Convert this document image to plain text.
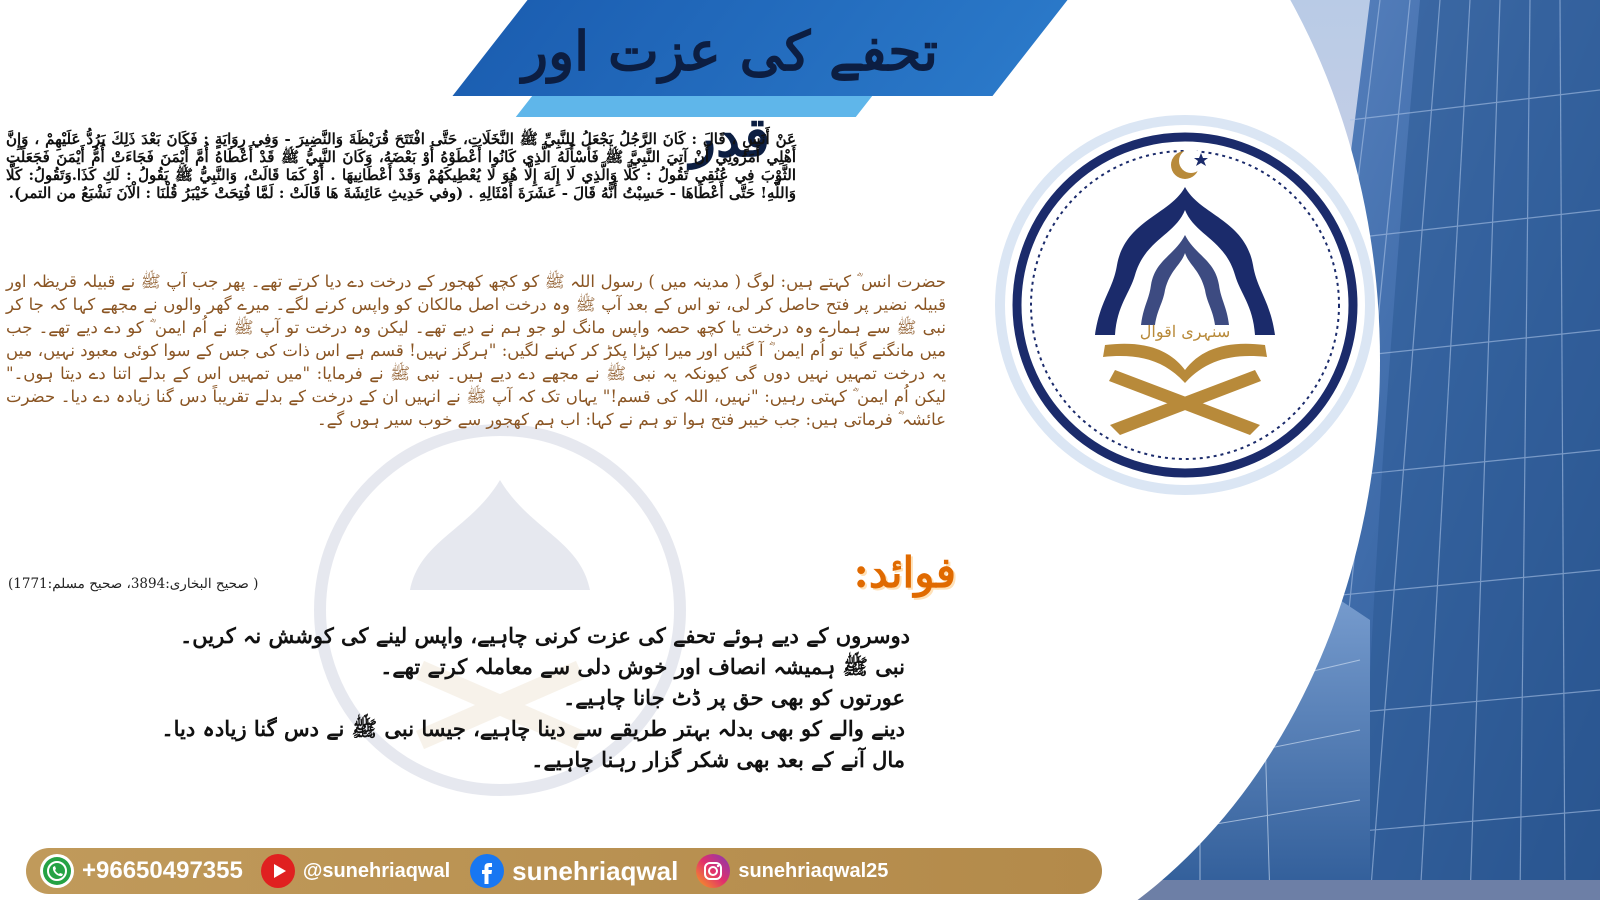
سنہری اقوال
تحفے کی عزت اور قدر

عَنْ أَنَسٍ ، قَالَ : كَانَ الرَّجُلُ يَجْعَلُ لِلنَّبِيِّ ﷺ النَّخَلَاتِ، حَتَّى افْتَتَحَ قُرَيْظَةَ وَالنَّضِيرَ - وَفِي رِوَايَةٍ : فَكَانَ بَعْدَ ذَلِكَ يَرُدُّ عَلَيْهِمْ ، وَإِنَّ أَهْلِي أَمَرُونِي أَنْ آتِيَ النَّبِيَّ ﷺ فَأَسْأَلَهُ الَّذِي كَانُوا أَعْطَوْهُ أَوْ بَعْضَهُ، وَكَانَ النَّبِيُّ ﷺ قَدْ أَعْطَاهُ أُمَّ أَيْمَنَ فَجَاءَتْ أُمُّ أَيْمَنَ فَجَعَلَتِ الثَّوْبَ فِي عُنُقِي تَقُولُ : كَلَّا وَالَّذِي لَا إِلَهَ إِلَّا هُوَ لَا يُعْطِيكَهُمْ وَقَدْ أَعْطَانِيهَا . أَوْ كَمَا قَالَتْ، وَالنَّبِيُّ ﷺ يَقُولُ : لَكِ كَذَا.وَتَقُولُ: كَلَّا وَاللَّهِ! حَتَّى أَعْطَاهَا - حَسِبْتُ أَنَّهُ قَالَ - عَشَرَةَ أَمْثَالِهِ . (وفي حَدِيثِ عَائِشَةَ هَا قَالَتْ : لَمَّا فُتِحَتْ خَيْبَرُ قُلْنَا : الْآنَ نَشْبَعُ من التمر).

حضرت انس ؓ کہتے ہیں: لوگ ( مدینہ میں ) رسول اللہ ﷺ کو کچھ کھجور کے درخت دے دیا کرتے تھے۔ پھر جب آپ ﷺ نے قبیلہ قریظہ اور قبیلہ نضیر پر فتح حاصل کر لی، تو اس کے بعد آپ ﷺ وہ درخت اصل مالکان کو واپس کرنے لگے۔ میرے گھر والوں نے مجھے کہا کہ جا کر نبی ﷺ سے ہمارے وہ درخت یا کچھ حصہ واپس مانگ لو جو ہم نے دیے تھے۔ لیکن وہ درخت تو آپ ﷺ نے اُم ایمن ؓ کو دے دیے تھے۔ جب میں مانگنے گیا تو اُم ایمن ؓ آ گئیں اور میرا کپڑا پکڑ کر کہنے لگیں: "ہرگز نہیں! قسم ہے اس ذات کی جس کے سوا کوئی معبود نہیں، میں یہ درخت تمہیں نہیں دوں گی کیونکہ یہ نبی ﷺ نے مجھے دے دیے ہیں۔ نبی ﷺ نے فرمایا: "میں تمہیں اس کے بدلے اتنا دے دیتا ہوں۔" لیکن اُم ایمن ؓ کہتی رہیں: "نہیں، اللہ کی قسم!" یہاں تک کہ آپ ﷺ نے انہیں ان کے درخت کے بدلے تقریباً دس گنا زیادہ دے دیا۔ حضرت عائشہ ؓ فرماتی ہیں: جب خیبر فتح ہوا تو ہم نے کہا: اب ہم کھجور سے خوب سیر ہوں گے۔

( صحیح البخاری:3894، صحیح مسلم:1771)	فوائد:

دوسروں کے دیے ہوئے تحفے کی عزت کرنی چاہیے، واپس لینے کی کوشش نہ کریں۔
نبی ﷺ ہمیشہ انصاف اور خوش دلی سے معاملہ کرتے تھے۔
عورتوں کو بھی حق پر ڈٹ جانا چاہیے۔
دینے والے کو بھی بدلہ بہتر طریقے سے دینا چاہیے، جیسا نبی ﷺ نے دس گنا زیادہ دیا۔
مال آنے کے بعد بھی شکر گزار رہنا چاہیے۔
+96650497355	@sunehriaqwal sunehriaqwal	sunehriaqwal25
